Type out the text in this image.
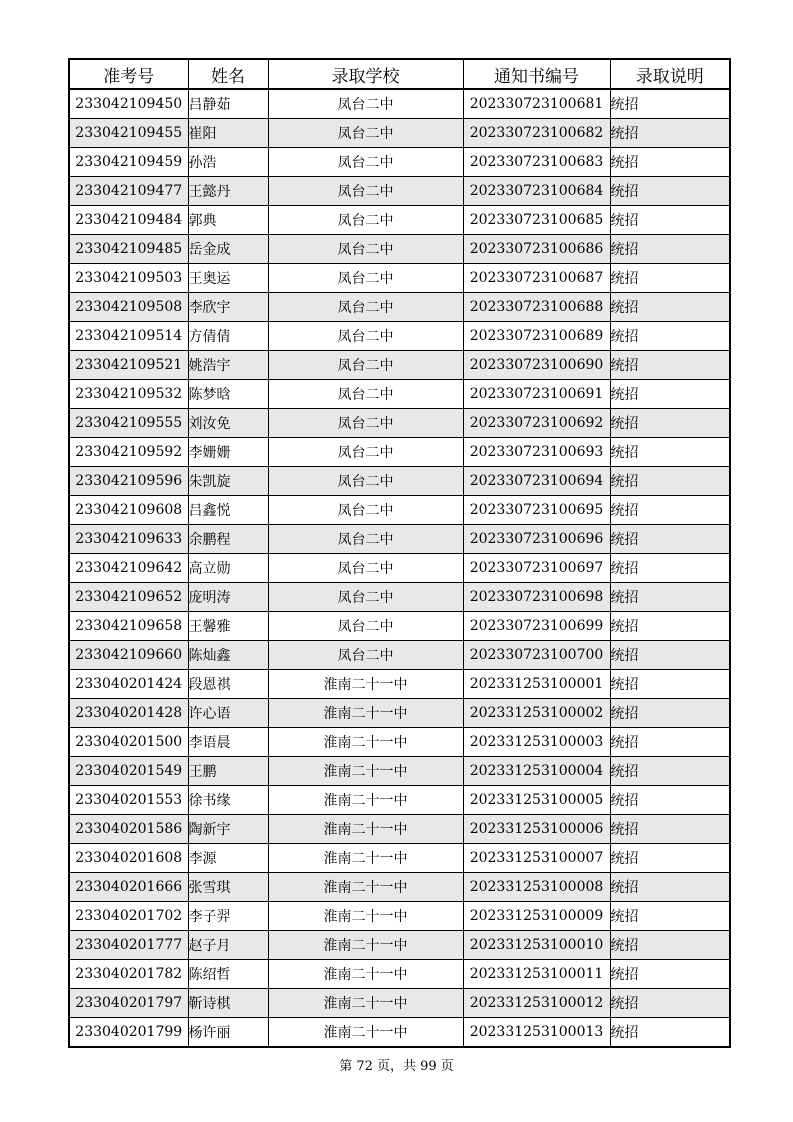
准考号	姓名	录取学校	通知书编号	录取说明
233042109450	吕静茹	凤台二中	202330723100681	统招
233042109455	崔阳	凤台二中	202330723100682	统招
233042109459	孙浩	凤台二中	202330723100683	统招
233042109477	王懿丹	凤台二中	202330723100684	统招
233042109484	郭典	凤台二中	202330723100685	统招
233042109485	岳金成	凤台二中	202330723100686	统招
233042109503	王奥运	凤台二中	202330723100687	统招
233042109508	李欣宇	凤台二中	202330723100688	统招
233042109514	方倩倩	凤台二中	202330723100689	统招
233042109521	姚浩宇	凤台二中	202330723100690	统招
233042109532	陈梦晗	凤台二中	202330723100691	统招
233042109555	刘汝免	凤台二中	202330723100692	统招
233042109592	李姗姗	凤台二中	202330723100693	统招
233042109596	朱凯旋	凤台二中	202330723100694	统招
233042109608	吕鑫悦	凤台二中	202330723100695	统招
233042109633	余鹏程	凤台二中	202330723100696	统招
233042109642	高立勋	凤台二中	202330723100697	统招
233042109652	庞明涛	凤台二中	202330723100698	统招
233042109658	王馨雅	凤台二中	202330723100699	统招
233042109660	陈灿鑫	凤台二中	202330723100700	统招
233040201424	段恩祺	淮南二十一中	202331253100001	统招
233040201428	许心语	淮南二十一中	202331253100002	统招
233040201500	李语晨	淮南二十一中	202331253100003	统招
233040201549	王鹏	淮南二十一中	202331253100004	统招
233040201553	徐书缘	淮南二十一中	202331253100005	统招
233040201586	陶新宇	淮南二十一中	202331253100006	统招
233040201608	李源	淮南二十一中	202331253100007	统招
233040201666	张雪琪	淮南二十一中	202331253100008	统招
233040201702	李子羿	淮南二十一中	202331253100009	统招
233040201777	赵子月	淮南二十一中	202331253100010	统招
233040201782	陈绍哲	淮南二十一中	202331253100011	统招
233040201797	靳诗棋	淮南二十一中	202331253100012	统招
233040201799	杨许丽	淮南二十一中	202331253100013	统招
第 72 页，共 99 页
